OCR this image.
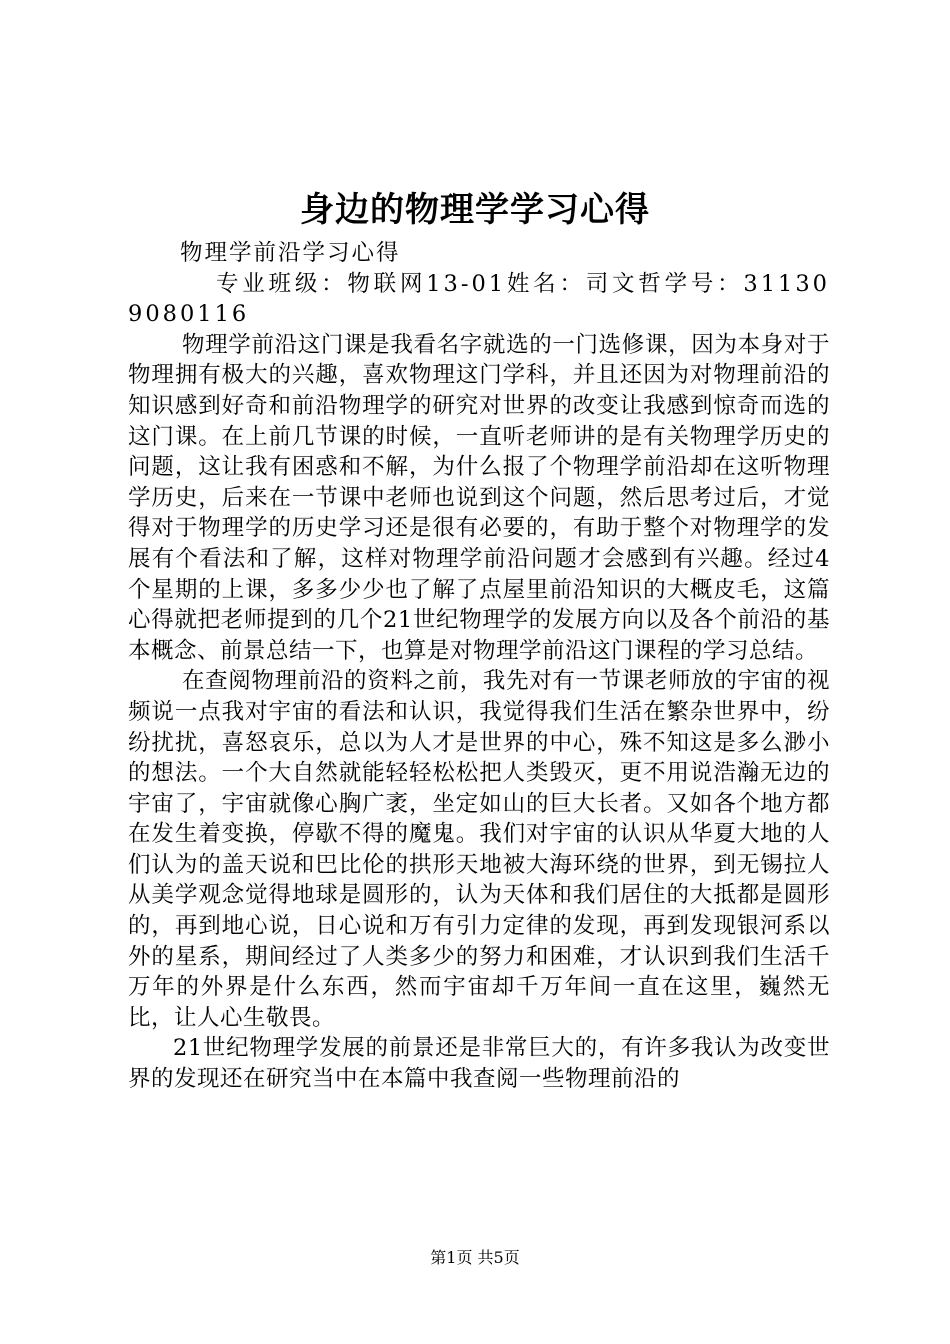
身边的物理学学习心得

物理学前沿学习心得

专业班级：物联网13-01姓名：司文哲学号：311309080116

物理学前沿这门课是我看名字就选的一门选修课，因为本身对于物理拥有极大的兴趣，喜欢物理这门学科，并且还因为对物理前沿的知识感到好奇和前沿物理学的研究对世界的改变让我感到惊奇而选的这门课。在上前几节课的时候，一直听老师讲的是有关物理学历史的问题，这让我有困惑和不解，为什么报了个物理学前沿却在这听物理学历史，后来在一节课中老师也说到这个问题，然后思考过后，才觉得对于物理学的历史学习还是很有必要的，有助于整个对物理学的发展有个看法和了解，这样对物理学前沿问题才会感到有兴趣。经过4个星期的上课，多多少少也了解了点屋里前沿知识的大概皮毛，这篇心得就把老师提到的几个21世纪物理学的发展方向以及各个前沿的基本概念、前景总结一下，也算是对物理学前沿这门课程的学习总结。

在查阅物理前沿的资料之前，我先对有一节课老师放的宇宙的视频说一点我对宇宙的看法和认识，我觉得我们生活在繁杂世界中，纷纷扰扰，喜怒哀乐，总以为人才是世界的中心，殊不知这是多么渺小的想法。一个大自然就能轻轻松松把人类毁灭，更不用说浩瀚无边的宇宙了，宇宙就像心胸广袤，坐定如山的巨大长者。又如各个地方都在发生着变换，停歇不得的魔鬼。我们对宇宙的认识从华夏大地的人们认为的盖天说和巴比伦的拱形天地被大海环绕的世界，到无锡拉人从美学观念觉得地球是圆形的，认为天体和我们居住的大抵都是圆形的，再到地心说，日心说和万有引力定律的发现，再到发现银河系以外的星系，期间经过了人类多少的努力和困难，才认识到我们生活千万年的外界是什么东西，然而宇宙却千万年间一直在这里，巍然无比，让人心生敬畏。

21世纪物理学发展的前景还是非常巨大的，有许多我认为改变世界的发现还在研究当中在本篇中我查阅一些物理前沿的

第1页 共5页
